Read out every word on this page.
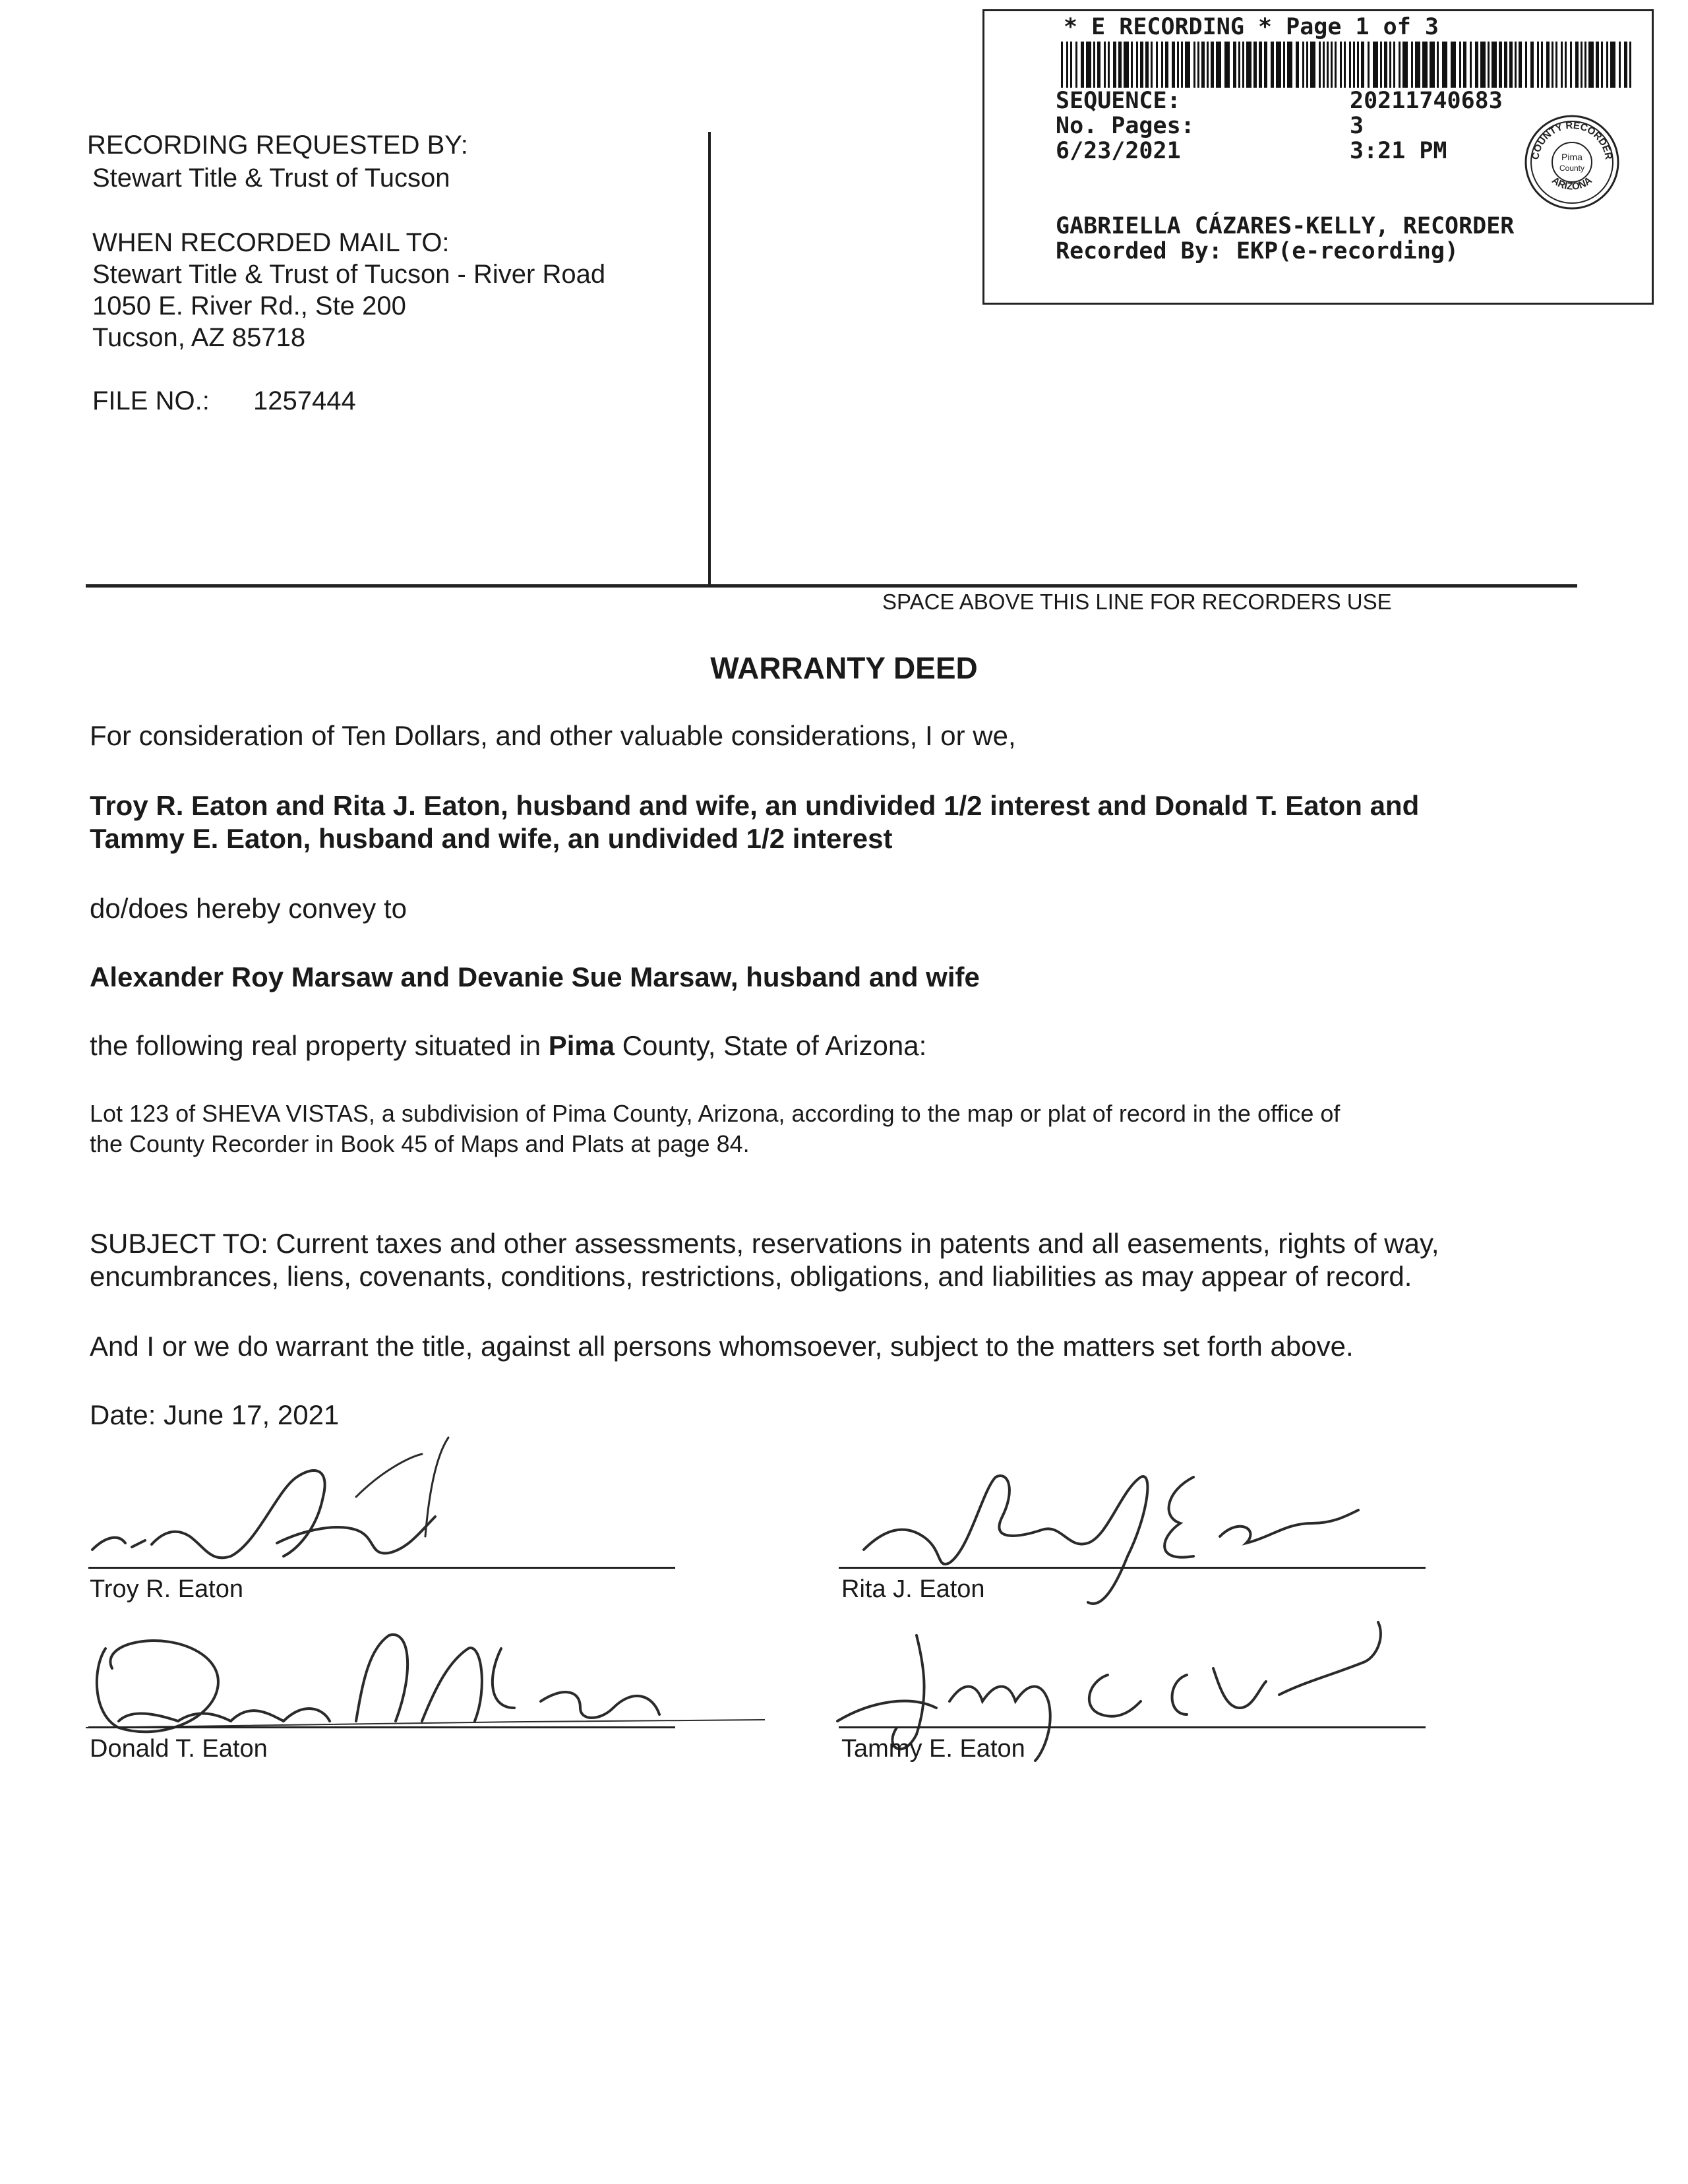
RECORDING REQUESTED BY:
Stewart Title & Trust of Tucson
WHEN RECORDED MAIL TO:
Stewart Title & Trust of Tucson - River Road
1050 E. River Rd., Ste 200
Tucson, AZ 85718
FILE NO.: 1257444
* E RECORDING * Page 1 of 3
SEQUENCE:	20211740683
No. Pages:	3
6/23/2021	3:21 PM	COUNTY RECORDER
ARIZONA
Pima
County
GABRIELLA CÁZARES-KELLY, RECORDER
Recorded By: EKP(e-recording)
SPACE ABOVE THIS LINE FOR RECORDERS USE
WARRANTY DEED
For consideration of Ten Dollars, and other valuable considerations, I or we,
Troy R. Eaton and Rita J. Eaton, husband and wife, an undivided 1/2 interest and Donald T. Eaton and
Tammy E. Eaton, husband and wife, an undivided 1/2 interest
do/does hereby convey to
Alexander Roy Marsaw and Devanie Sue Marsaw, husband and wife
the following real property situated in Pima County, State of Arizona:
Lot 123 of SHEVA VISTAS, a subdivision of Pima County, Arizona, according to the map or plat of record in the office of
the County Recorder in Book 45 of Maps and Plats at page 84.
SUBJECT TO: Current taxes and other assessments, reservations in patents and all easements, rights of way,
encumbrances, liens, covenants, conditions, restrictions, obligations, and liabilities as may appear of record.
And I or we do warrant the title, against all persons whomsoever, subject to the matters set forth above.
Date: June 17, 2021
Troy R. Eaton	Rita J. Eaton
Donald T. Eaton	Tammy E. Eaton
